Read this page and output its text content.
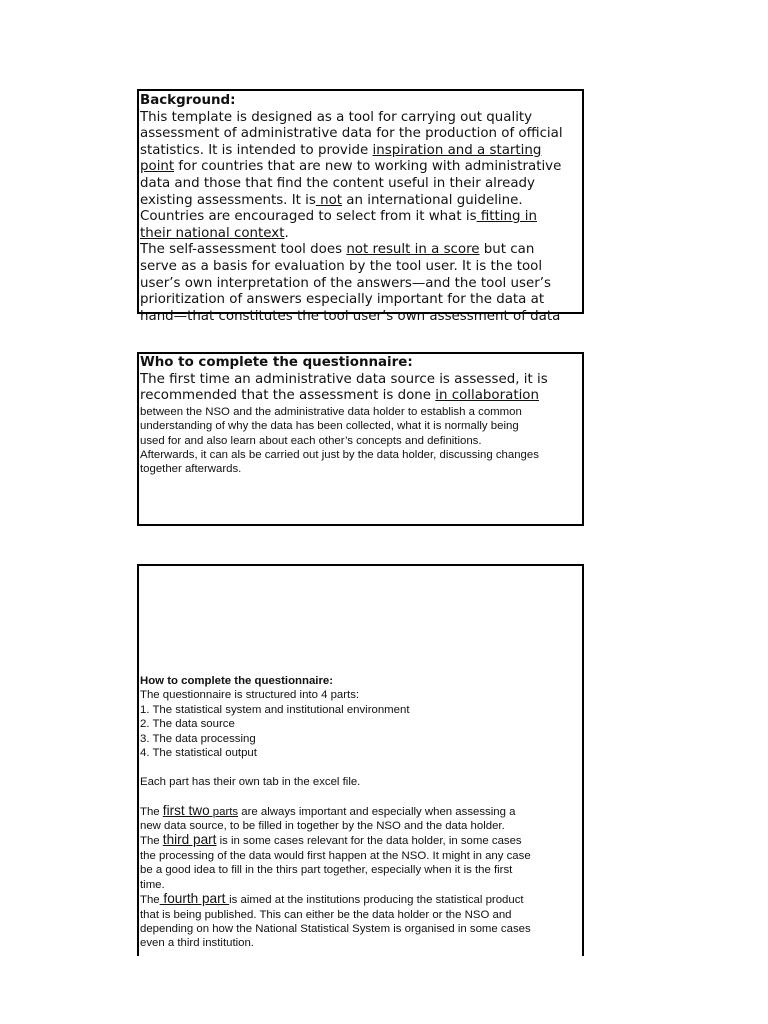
Background:
This template is designed as a tool for carrying out quality
assessment of administrative data for the production of official
statistics. It is intended to provide inspiration and a starting
point for countries that are new to working with administrative
data and those that find the content useful in their already
existing assessments. It is not an international guideline.
Countries are encouraged to select from it what is fitting in
their national context.
The self-assessment tool does not result in a score but can
serve as a basis for evaluation by the tool user. It is the tool
user’s own interpretation of the answers—and the tool user’s
prioritization of answers especially important for the data at
hand—that constitutes the tool user’s own assessment of data
Who to complete the questionnaire:
The first time an administrative data source is assessed, it is
recommended that the assessment is done in collaboration
between the NSO and the administrative data holder to establish a common
understanding of why the data has been collected, what it is normally being
used for and also learn about each other’s concepts and definitions.
Afterwards, it can als be carried out just by the data holder, discussing changes
together afterwards.
How to complete the questionnaire:
The questionnaire is structured into 4 parts:
1. The statistical system and institutional environment
2. The data source
3. The data processing
4. The statistical output

Each part has their own tab in the excel file.

The first two parts are always important and especially when assessing a
new data source, to be filled in together by the NSO and the data holder.
The third part is in some cases relevant for the data holder, in some cases
the processing of the data would first happen at the NSO. It might in any case
be a good idea to fill in the thirs part together, especially when it is the first
time.
The fourth part is aimed at the institutions producing the statistical product
that is being published. This can either be the data holder or the NSO and
depending on how the National Statistical System is organised in some cases
even a third institution.
